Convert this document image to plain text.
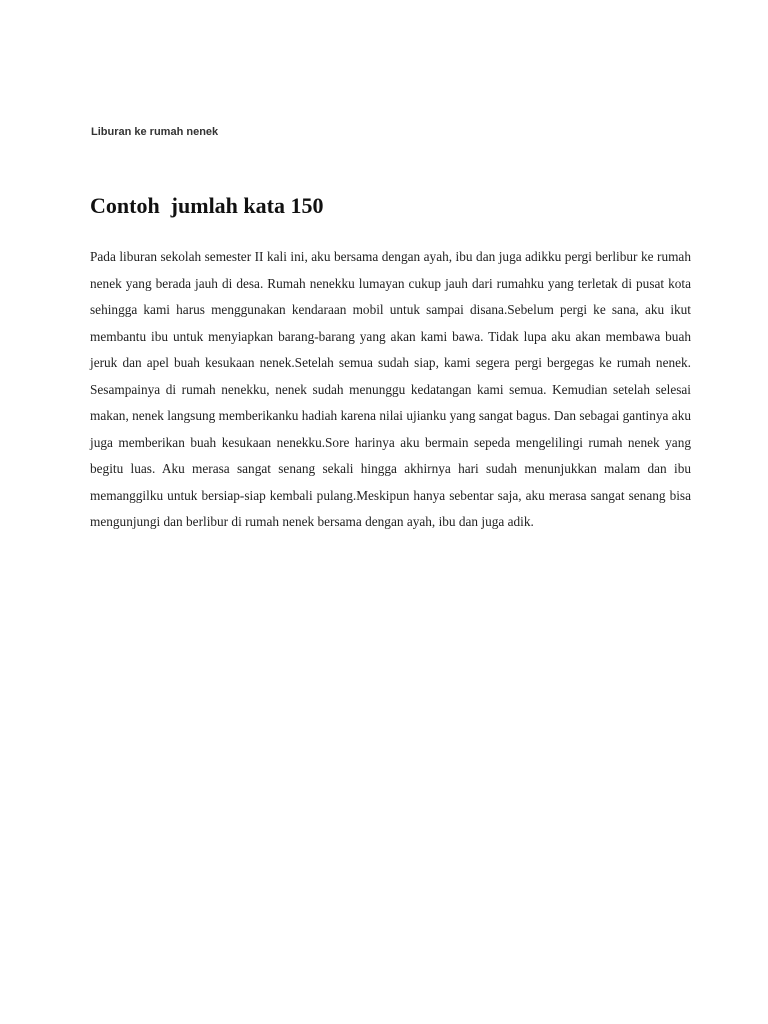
Liburan ke rumah nenek

Contoh  jumlah kata 150

Pada liburan sekolah semester II kali ini, aku bersama dengan ayah, ibu dan juga adikku pergi berlibur ke rumah nenek yang berada jauh di desa. Rumah nenekku lumayan cukup jauh dari rumahku yang terletak di pusat kota sehingga kami harus menggunakan kendaraan mobil untuk sampai disana.Sebelum pergi ke sana, aku ikut membantu ibu untuk menyiapkan barang-barang yang akan kami bawa. Tidak lupa aku akan membawa buah jeruk dan apel buah kesukaan nenek.Setelah semua sudah siap, kami segera pergi bergegas ke rumah nenek. Sesampainya di rumah nenekku, nenek sudah menunggu kedatangan kami semua. Kemudian setelah selesai makan, nenek langsung memberikanku hadiah karena nilai ujianku yang sangat bagus. Dan sebagai gantinya aku juga memberikan buah kesukaan nenekku.Sore harinya aku bermain sepeda mengelilingi rumah nenek yang begitu luas. Aku merasa sangat senang sekali hingga akhirnya hari sudah menunjukkan malam dan ibu memanggilku untuk bersiap-siap kembali pulang.Meskipun hanya sebentar saja, aku merasa sangat senang bisa mengunjungi dan berlibur di rumah nenek bersama dengan ayah, ibu dan juga adik.
